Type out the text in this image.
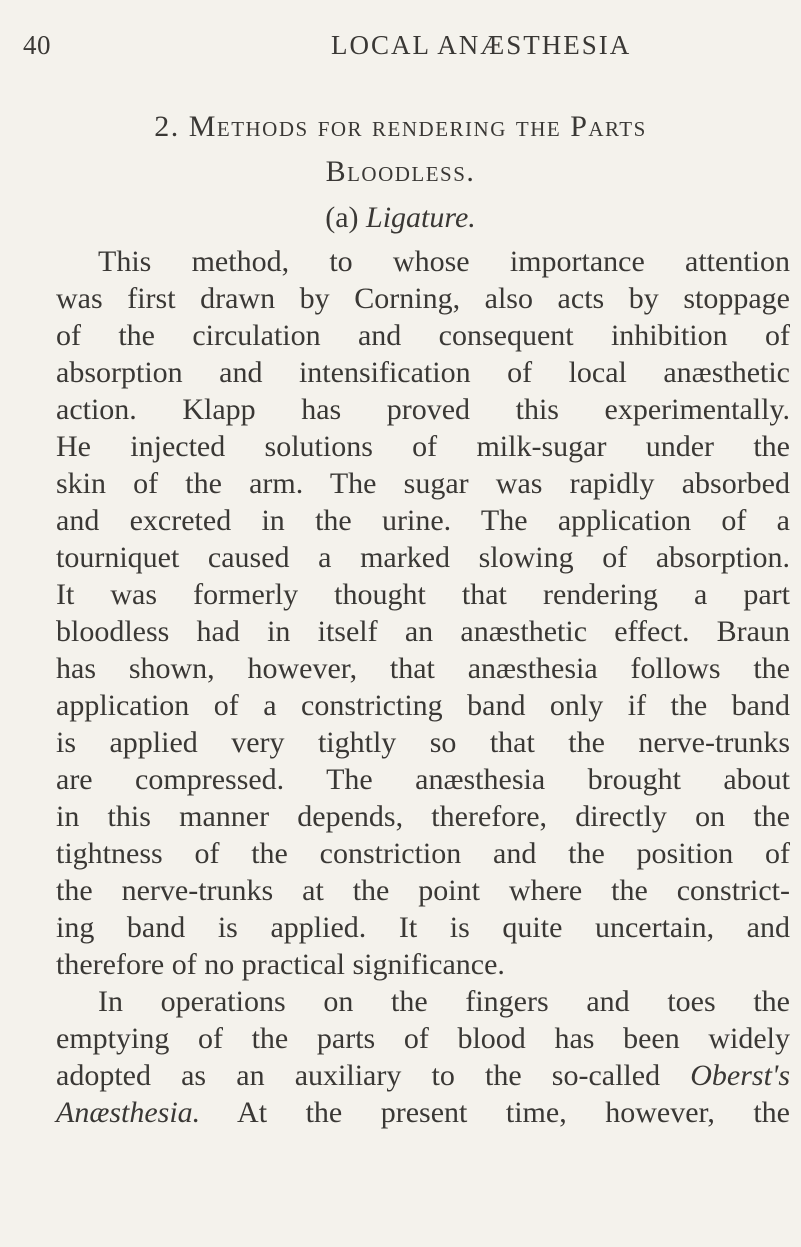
40	LOCAL ANÆSTHESIA
2. Methods for rendering the Parts
Bloodless.
(a) Ligature.
This method, to whose importance attention
was first drawn by Corning, also acts by stoppage
of the circulation and consequent inhibition of
absorption and intensification of local anæsthetic
action. Klapp has proved this experimentally.
He injected solutions of milk-sugar under the
skin of the arm. The sugar was rapidly absorbed
and excreted in the urine. The application of a
tourniquet caused a marked slowing of absorption.
It was formerly thought that rendering a part
bloodless had in itself an anæsthetic effect. Braun
has shown, however, that anæsthesia follows the
application of a constricting band only if the band
is applied very tightly so that the nerve-trunks
are compressed. The anæsthesia brought about
in this manner depends, therefore, directly on the
tightness of the constriction and the position of
the nerve-trunks at the point where the constrict-
ing band is applied. It is quite uncertain, and
therefore of no practical significance.
In operations on the fingers and toes the
emptying of the parts of blood has been widely
adopted as an auxiliary to the so-called Oberst's
Anæsthesia. At the present time, however, the
